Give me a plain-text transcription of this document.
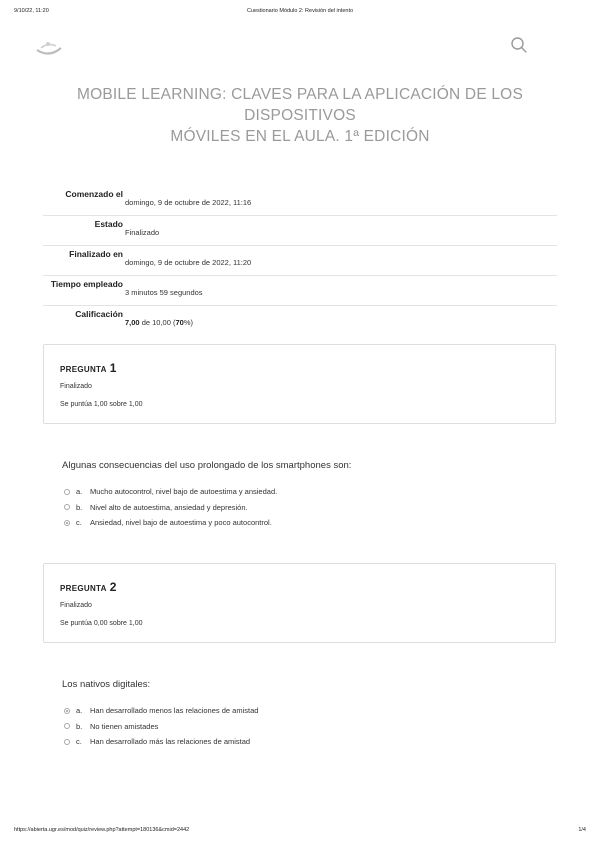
9/10/22, 11:20	Cuestionario Módulo 2: Revisión del intento
MOBILE LEARNING: CLAVES PARA LA APLICACIÓN DE LOS DISPOSITIVOS
MÓVILES EN EL AULA. 1ª EDICIÓN
Comenzado el
domingo, 9 de octubre de 2022, 11:16
Estado
Finalizado
Finalizado en
domingo, 9 de octubre de 2022, 11:20
Tiempo empleado
3 minutos 59 segundos
Calificación
7,00 de 10,00 (70%)
PREGUNTA 1
Finalizado
Se puntúa 1,00 sobre 1,00
Algunas consecuencias del uso prolongado de los smartphones son:
a.	Mucho autocontrol, nivel bajo de autoestima y ansiedad.
b.	Nivel alto de autoestima, ansiedad y depresión.
c.	Ansiedad, nivel bajo de autoestima y poco autocontrol.
PREGUNTA 2
Finalizado
Se puntúa 0,00 sobre 1,00
Los nativos digitales:
a.	Han desarrollado menos las relaciones de amistad
b.	No tienen amistades
c.	Han desarrollado más las relaciones de amistad
https://abierta.ugr.es/mod/quiz/review.php?attempt=180136&cmid=2442	1/4
